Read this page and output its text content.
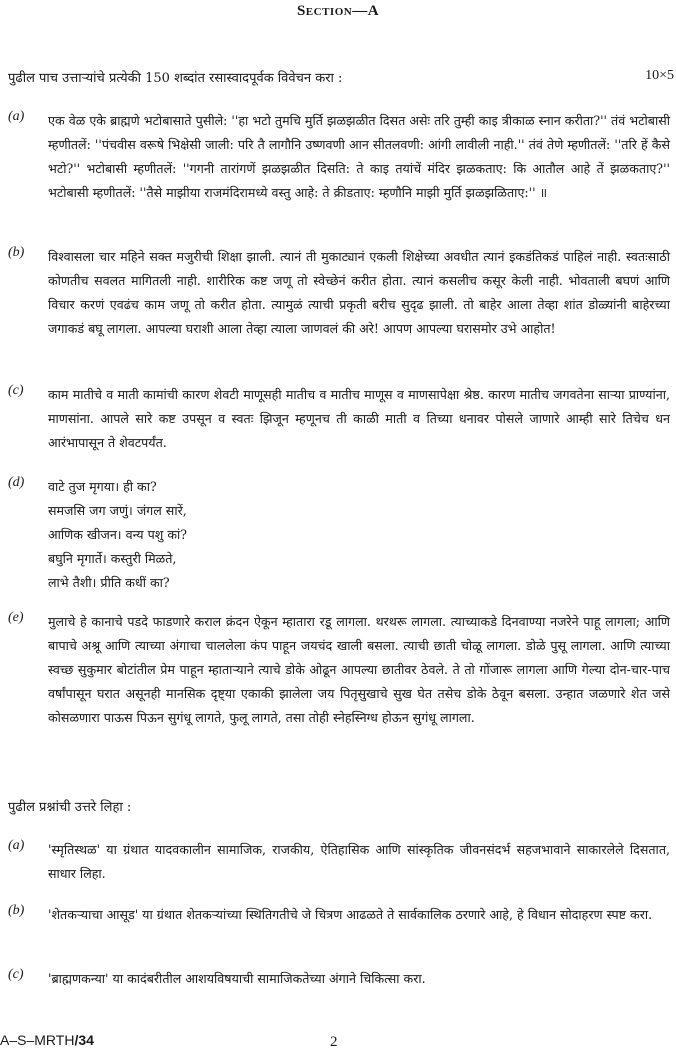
Section—A
पुढील पाच उत्ताऱ्यांचे प्रत्येकी 150 शब्दांत रसास्वादपूर्वक विवेचन करा :	10×5
(a) एक वेळ एके ब्राह्मणे भटोबासाते पुसीले: ''हा भटो तुमचि मुर्ति झळझळीत दिसत असेः तरि तुम्ही काइ त्रीकाळ स्नान करीता?'' तंवं भटोबासी म्हणीतलें: ''पंचवीस वरूषे भिक्षेसी जाली: परि तै लागौनि उष्णवणी आन सीतलवणी: आंगी लावीली नाही.'' तंवं तेणे म्हणीतलें: ''तरि हें कैसे भटो?'' भटोबासी म्हणीतलें: ''गगनी तारांगणें झळझळीत दिसति: ते काइ तयांचें मंदिर झळकताए: कि आतौल आहे तें झळकताए?'' भटोबासी म्हणीतलें: ''तैसे माझीया राजमंदिरामध्ये वस्तु आहे: ते क्रीडताए: म्हणौनि माझी मुर्ति झळझळिताए:'' ॥
(b) विश्वासला चार महिने सक्त मजुरीची शिक्षा झाली. त्यानं ती मुकाट्यानं एकली शिक्षेच्या अवधीत त्यानं इकडंतिकडं पाहिलं नाही. स्वतःसाठी कोणतीच सवलत मागितली नाही. शारीरिक कष्ट जणू तो स्वेच्छेनं करीत होता. त्यानं कसलीच कसूर केली नाही. भोवताली बघणं आणि विचार करणं एवढंच काम जणू तो करीत होता. त्यामुळं त्याची प्रकृती बरीच सुदृढ झाली. तो बाहेर आला तेव्हा शांत डोळ्यांनी बाहेरच्या जगाकडं बघू लागला. आपल्या घराशी आला तेव्हा त्याला जाणवलं की अरे! आपण आपल्या घरासमोर उभे आहोत!
(c) काम मातीचे व माती कामांची कारण शेवटी माणूसही मातीच व मातीच माणूस व माणसापेक्षा श्रेष्ठ. कारण मातीच जगवतेना साऱ्या प्राण्यांना, माणसांना. आपले सारे कष्ट उपसून व स्वतः झिजून म्हणूनच ती काळी माती व तिच्या धनावर पोसले जाणारे आम्ही सारे तिचेच धन आरंभापासून ते शेवटपर्यंत.
(d) वाटे तुज मृगया। ही का?
समजसि जग जणुं। जंगल सारें,
आणिक खीजन। वन्य पशु कां?
बघुनि मृगार्ते। कस्तुरी मिळते,
लाभे तैशी। प्रीति कधीं का?
(e) मुलाचे हे कानाचे पडदे फाडणारे कराल क्रंदन ऐकून म्हातारा रडू लागला. थरथरू लागला. त्याच्याकडे दिनवाण्या नजरेने पाहू लागला; आणि बापाचे अश्रू आणि त्याच्या अंगाचा चाललेला कंप पाहून जयचंद खाली बसला. त्याची छाती चोळू लागला. डोळे पुसू लागला. आणि त्याच्या स्वच्छ सुकुमार बोटांतील प्रेम पाहून म्हाताऱ्याने त्याचे डोके ओढून आपल्या छातीवर ठेवले. ते तो गोंजारू लागला आणि गेल्या दोन-चार-पाच वर्षांपासून घरात असूनही मानसिक दृष्ट्या एकाकी झालेला जय पितृसुखाचे सुख घेत तसेच डोके ठेवून बसला. उन्हात जळणारे शेत जसे कोसळणारा पाऊस पिऊन सुगंधू लागते, फुलू लागते, तसा तोही स्नेहस्निग्ध होऊन सुगंधू लागला.
पुढील प्रश्नांची उत्तरे लिहा :
(a) 'स्मृतिस्थळ' या ग्रंथात यादवकालीन सामाजिक, राजकीय, ऐतिहासिक आणि सांस्कृतिक जीवनसंदर्भ सहजभावाने साकारलेले दिसतात, साधार लिहा.
(b) 'शेतकऱ्याचा आसूड' या ग्रंथात शेतकऱ्यांच्या स्थितिगतीचे जे चित्रण आढळते ते सार्वकालिक ठरणारे आहे, हे विधान सोदाहरण स्पष्ट करा.
(c) 'ब्राह्मणकन्या' या कादंबरीतील आशयविषयाची सामाजिकतेच्या अंगाने चिकित्सा करा.
A–S–MRTH/34	2
